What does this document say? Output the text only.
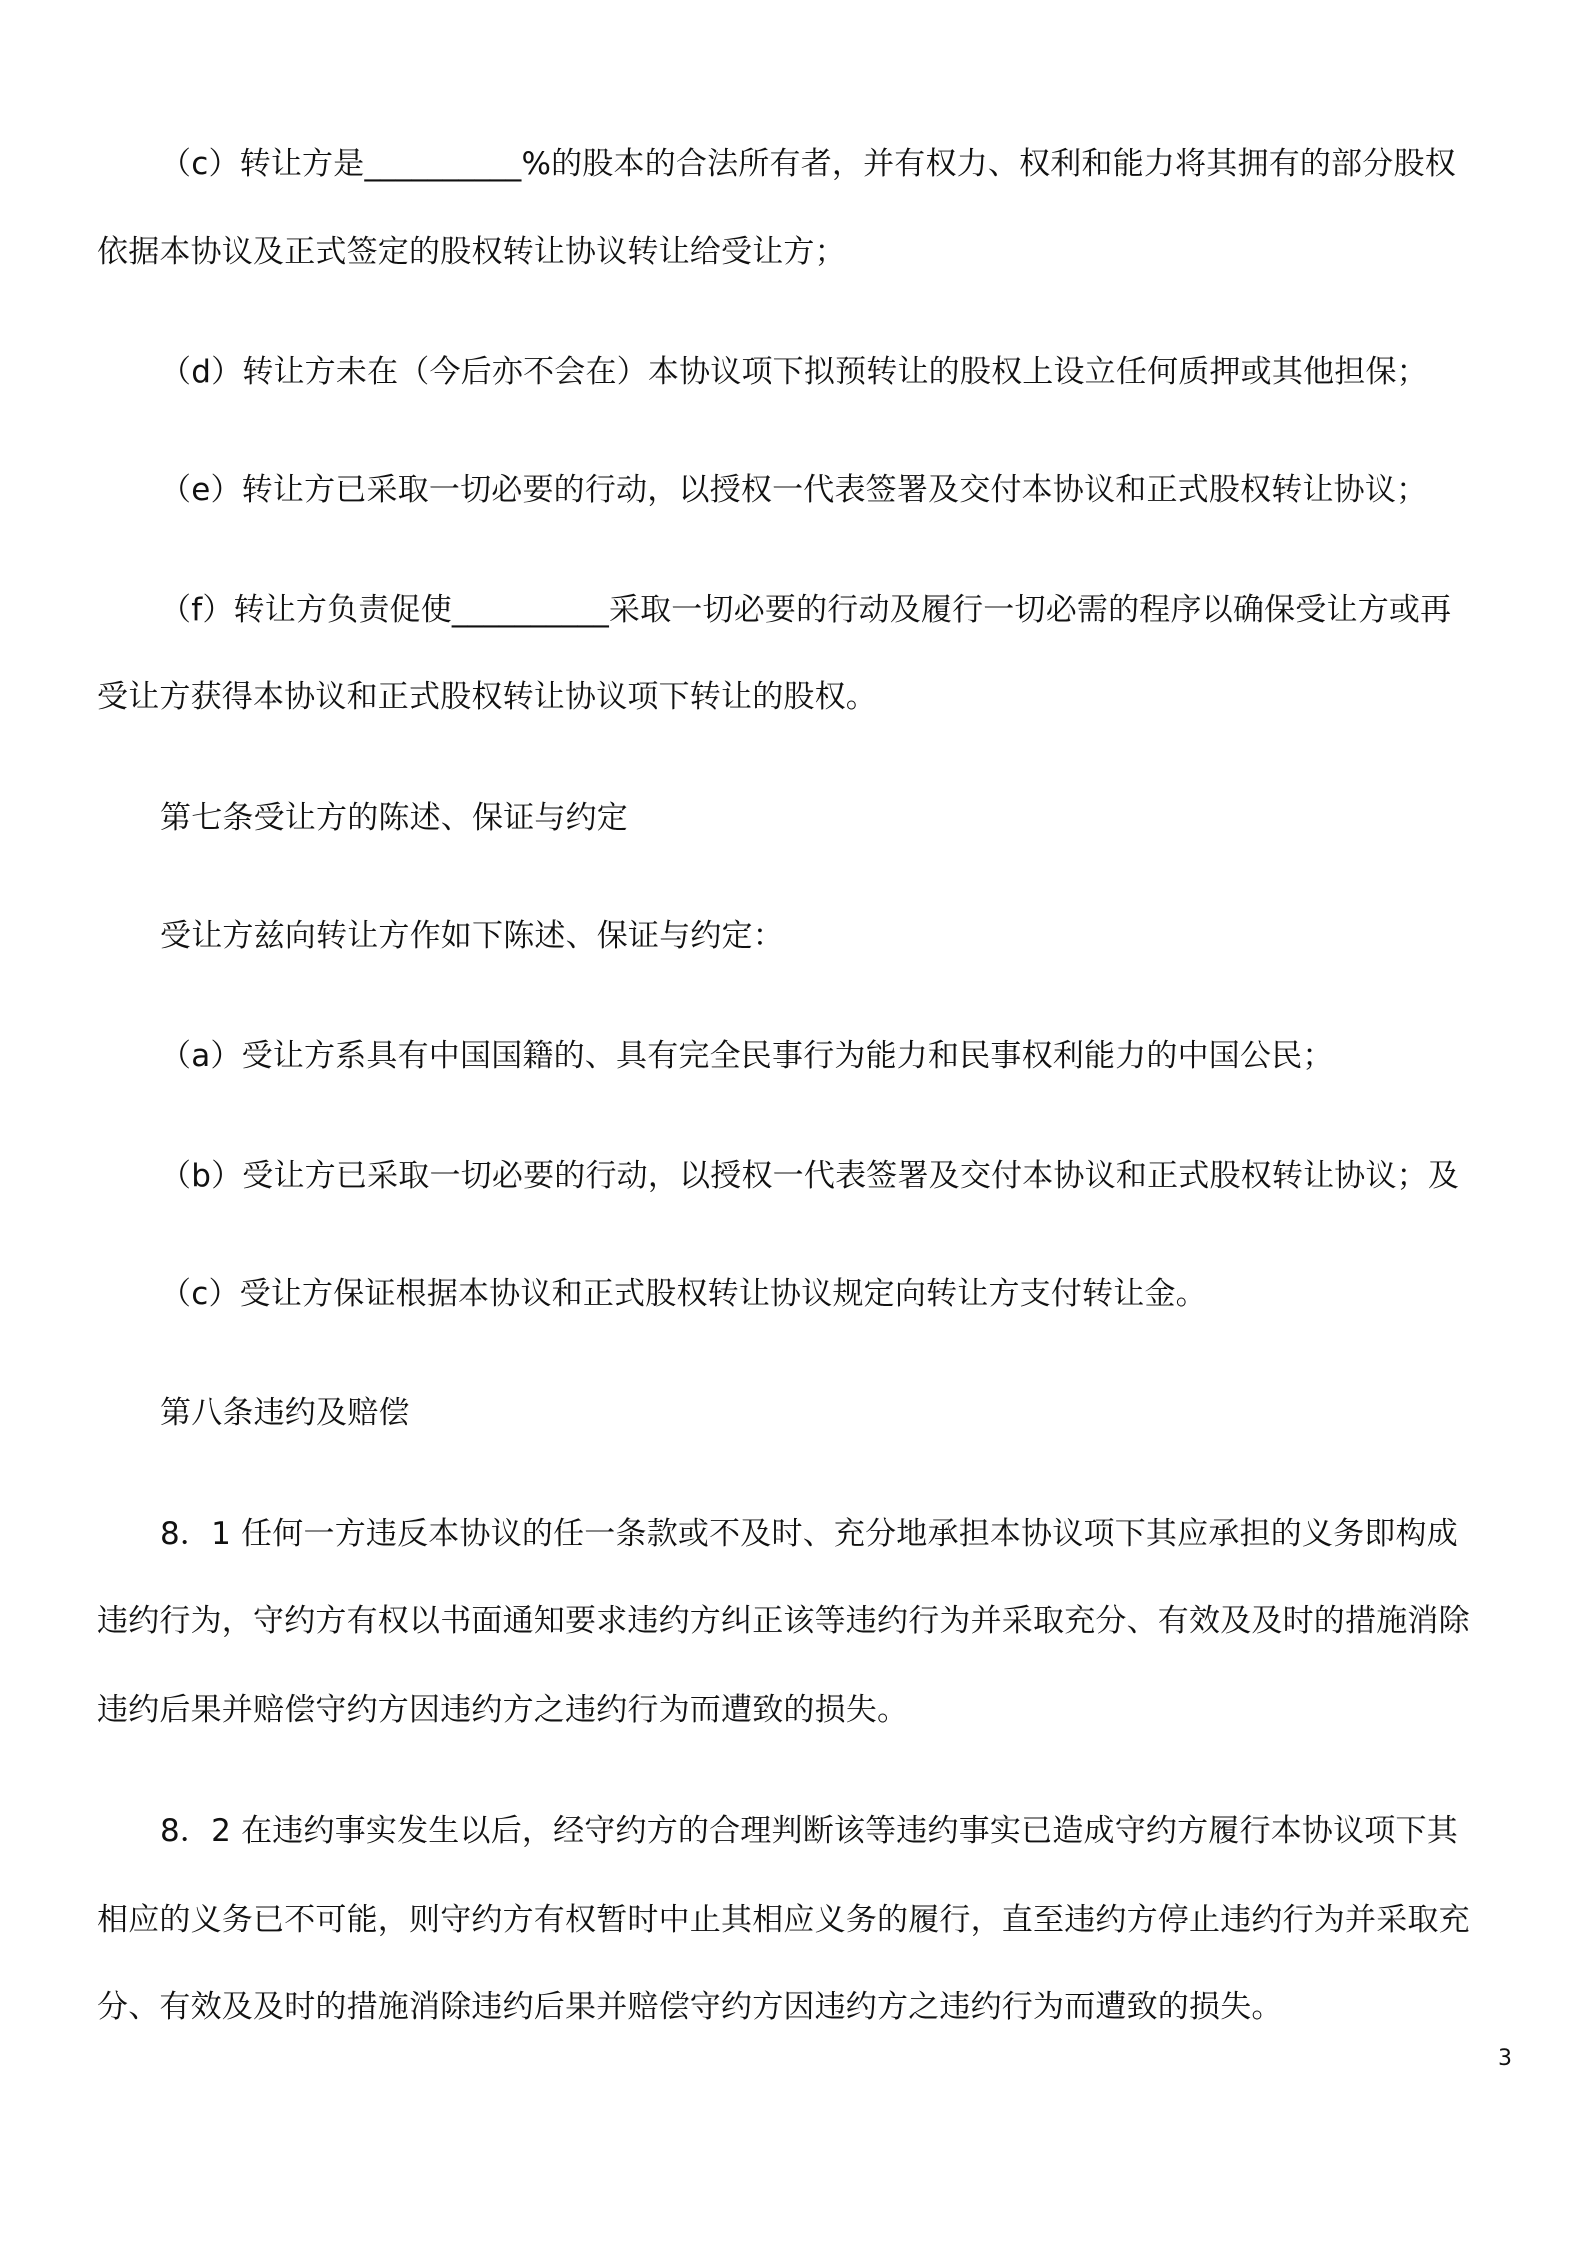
（c）转让方是__________%的股本的合法所有者，并有权力、权利和能力将其拥有的部分股权
依据本协议及正式签定的股权转让协议转让给受让方；
（d）转让方未在（今后亦不会在）本协议项下拟预转让的股权上设立任何质押或其他担保；
（e）转让方已采取一切必要的行动，以授权一代表签署及交付本协议和正式股权转让协议；
（f）转让方负责促使__________采取一切必要的行动及履行一切必需的程序以确保受让方或再
受让方获得本协议和正式股权转让协议项下转让的股权。
第七条受让方的陈述、保证与约定
受让方兹向转让方作如下陈述、保证与约定：
（a）受让方系具有中国国籍的、具有完全民事行为能力和民事权利能力的中国公民；
（b）受让方已采取一切必要的行动，以授权一代表签署及交付本协议和正式股权转让协议；及
（c）受让方保证根据本协议和正式股权转让协议规定向转让方支付转让金。
第八条违约及赔偿
8．1 任何一方违反本协议的任一条款或不及时、充分地承担本协议项下其应承担的义务即构成
违约行为，守约方有权以书面通知要求违约方纠正该等违约行为并采取充分、有效及及时的措施消除
违约后果并赔偿守约方因违约方之违约行为而遭致的损失。
8．2 在违约事实发生以后，经守约方的合理判断该等违约事实已造成守约方履行本协议项下其
相应的义务已不可能，则守约方有权暂时中止其相应义务的履行，直至违约方停止违约行为并采取充
分、有效及及时的措施消除违约后果并赔偿守约方因违约方之违约行为而遭致的损失。
3
